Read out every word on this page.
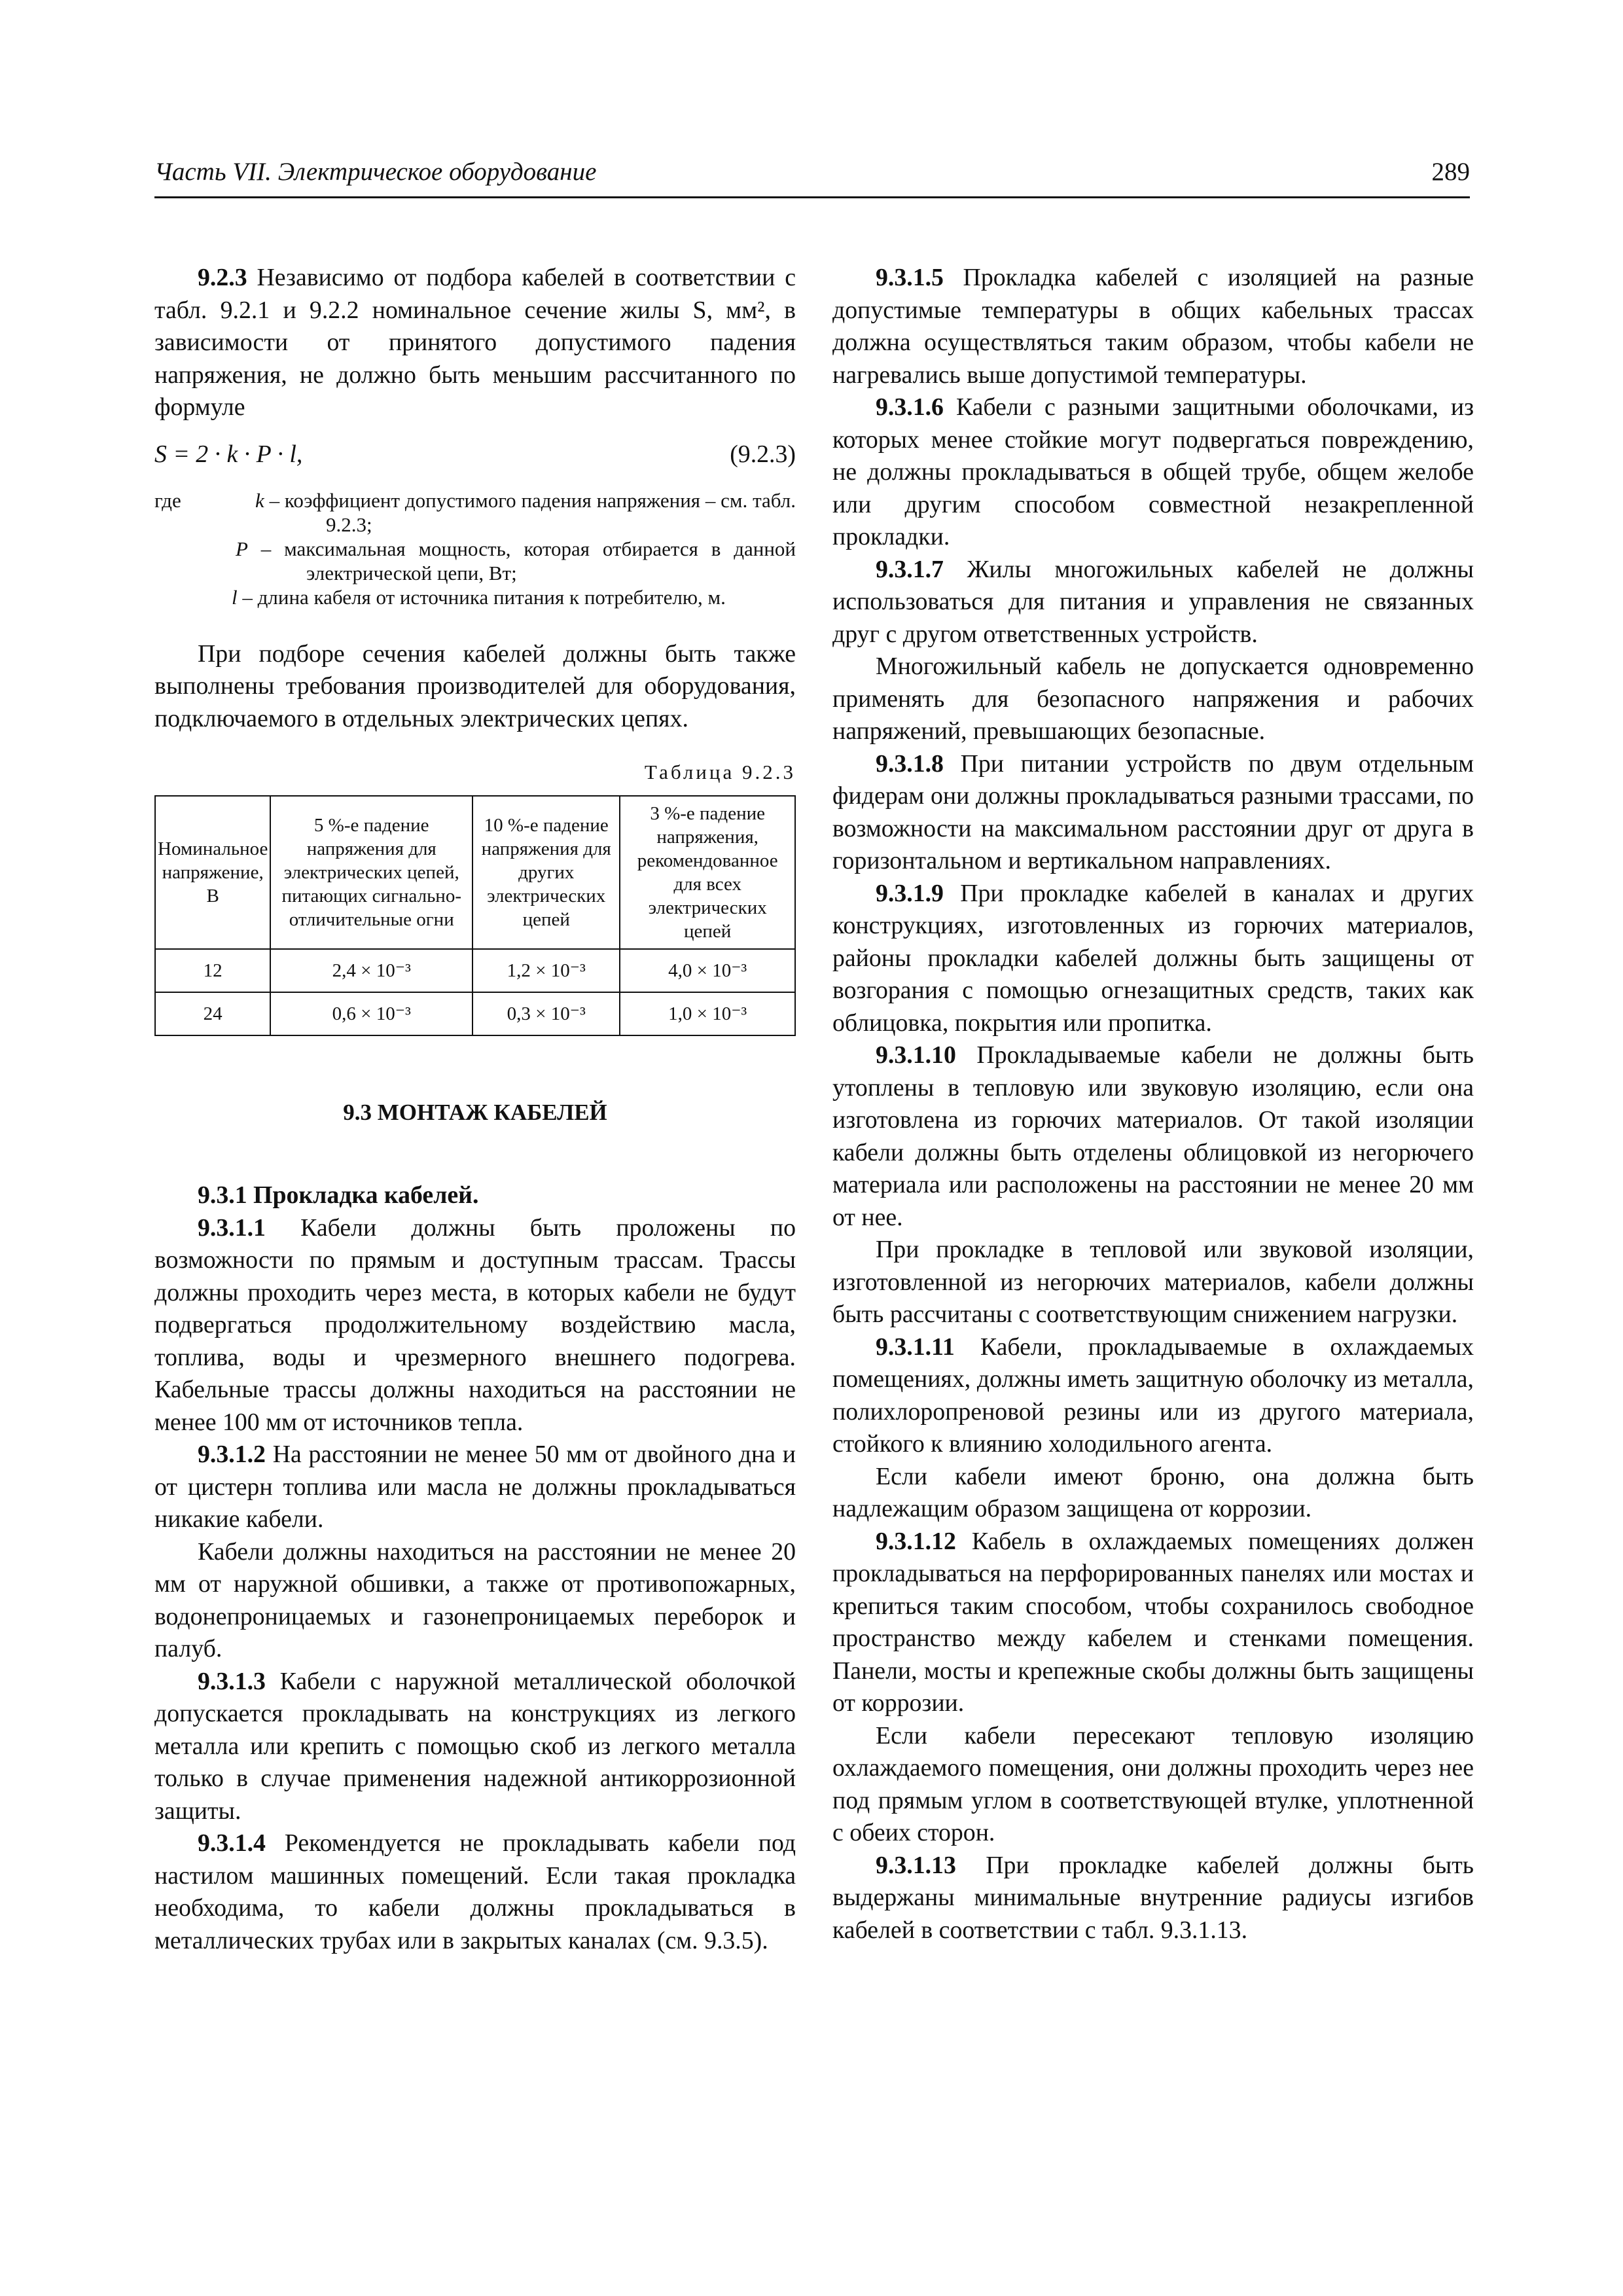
Часть VII. Электрическое оборудование	289

9.2.3 Независимо от подбора кабелей в соответствии с табл. 9.2.1 и 9.2.2 номинальное сечение жилы S, мм², в зависимости от принятого допустимого падения напряжения, не должно быть меньшим рассчитанного по формуле

S = 2 · k · P · l,	(9.2.3)
где	k – коэффициент допустимого падения напряжения – см. табл. 9.2.3;
P – максимальная мощность, которая отбирается в данной электрической цепи, Вт;
l – длина кабеля от источника питания к потребителю, м.

При подборе сечения кабелей должны быть также выполнены требования производителей для оборудования, подключаемого в отдельных электрических цепях.

Таблица 9.2.3
Номинальное напряжение, В	5 %-е падение напряжения для электрических цепей, питающих сигнально-отличительные огни	10 %-е падение напряжения для других электрических цепей	3 %-е падение напряжения, рекомендованное для всех электрических цепей
12	2,4 × 10⁻³	1,2 × 10⁻³	4,0 × 10⁻³
24	0,6 × 10⁻³	0,3 × 10⁻³	1,0 × 10⁻³
9.3 МОНТАЖ КАБЕЛЕЙ

9.3.1 Прокладка кабелей.

9.3.1.1 Кабели должны быть проложены по возможности по прямым и доступным трассам. Трассы должны проходить через места, в которых кабели не будут подвергаться продолжительному воздействию масла, топлива, воды и чрезмерного внешнего подогрева. Кабельные трассы должны находиться на расстоянии не менее 100 мм от источников тепла.

9.3.1.2 На расстоянии не менее 50 мм от двойного дна и от цистерн топлива или масла не должны прокладываться никакие кабели.

Кабели должны находиться на расстоянии не менее 20 мм от наружной обшивки, а также от противопожарных, водонепроницаемых и газонепроницаемых переборок и палуб.

9.3.1.3 Кабели с наружной металлической оболочкой допускается прокладывать на конструкциях из легкого металла или крепить с помощью скоб из легкого металла только в случае применения надежной антикоррозионной защиты.

9.3.1.4 Рекомендуется не прокладывать кабели под настилом машинных помещений. Если такая прокладка необходима, то кабели должны прокладываться в металлических трубах или в закрытых каналах (см. 9.3.5).

9.3.1.5 Прокладка кабелей с изоляцией на разные допустимые температуры в общих кабельных трассах должна осуществляться таким образом, чтобы кабели не нагревались выше допустимой температуры.

9.3.1.6 Кабели с разными защитными оболочками, из которых менее стойкие могут подвергаться повреждению, не должны прокладываться в общей трубе, общем желобе или другим способом совместной незакрепленной прокладки.

9.3.1.7 Жилы многожильных кабелей не должны использоваться для питания и управления не связанных друг с другом ответственных устройств.

Многожильный кабель не допускается одновременно применять для безопасного напряжения и рабочих напряжений, превышающих безопасные.

9.3.1.8 При питании устройств по двум отдельным фидерам они должны прокладываться разными трассами, по возможности на максимальном расстоянии друг от друга в горизонтальном и вертикальном направлениях.

9.3.1.9 При прокладке кабелей в каналах и других конструкциях, изготовленных из горючих материалов, районы прокладки кабелей должны быть защищены от возгорания с помощью огнезащитных средств, таких как облицовка, покрытия или пропитка.

9.3.1.10 Прокладываемые кабели не должны быть утоплены в тепловую или звуковую изоляцию, если она изготовлена из горючих материалов. От такой изоляции кабели должны быть отделены облицовкой из негорючего материала или расположены на расстоянии не менее 20 мм от нее.

При прокладке в тепловой или звуковой изоляции, изготовленной из негорючих материалов, кабели должны быть рассчитаны с соответствующим снижением нагрузки.

9.3.1.11 Кабели, прокладываемые в охлаждаемых помещениях, должны иметь защитную оболочку из металла, полихлоропреновой резины или из другого материала, стойкого к влиянию холодильного агента.

Если кабели имеют броню, она должна быть надлежащим образом защищена от коррозии.

9.3.1.12 Кабель в охлаждаемых помещениях должен прокладываться на перфорированных панелях или мостах и крепиться таким способом, чтобы сохранилось свободное пространство между кабелем и стенками помещения. Панели, мосты и крепежные скобы должны быть защищены от коррозии.

Если кабели пересекают тепловую изоляцию охлаждаемого помещения, они должны проходить через нее под прямым углом в соответствующей втулке, уплотненной с обеих сторон.

9.3.1.13 При прокладке кабелей должны быть выдержаны минимальные внутренние радиусы изгибов кабелей в соответствии с табл. 9.3.1.13.
